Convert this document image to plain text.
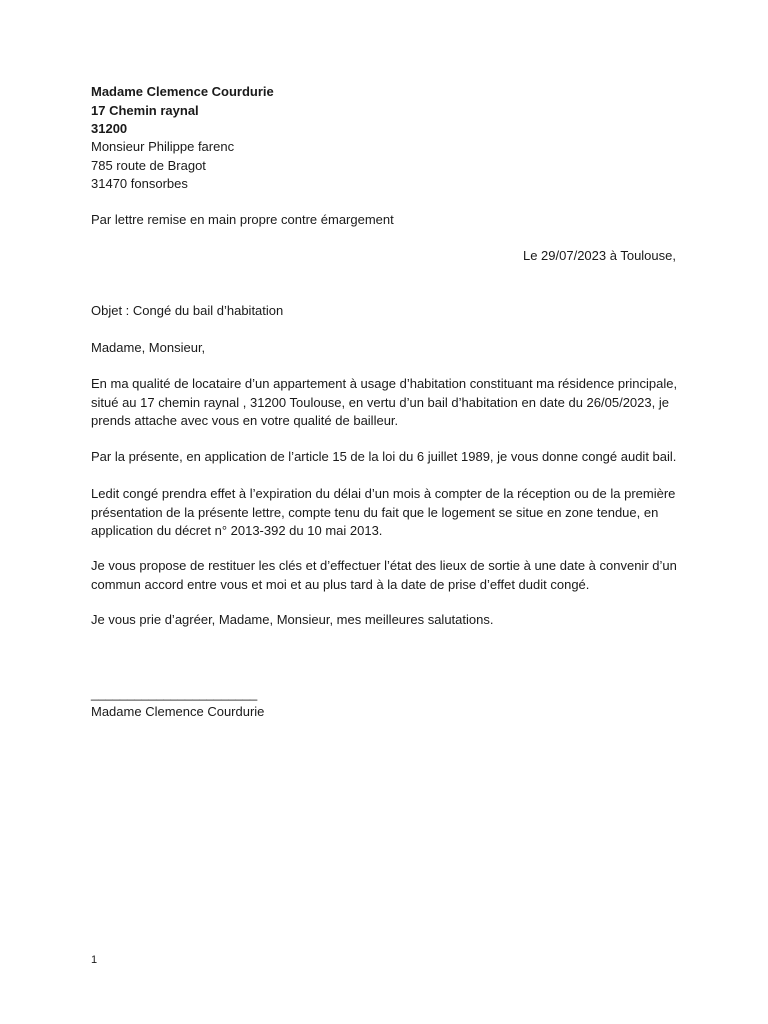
Madame Clemence Courdurie
17 Chemin raynal
31200
Monsieur Philippe farenc
785 route de Bragot
31470 fonsorbes
Par lettre remise en main propre contre émargement
Le 29/07/2023 à Toulouse,
Objet : Congé du bail d’habitation
Madame, Monsieur,
En ma qualité de locataire d’un appartement à usage d’habitation constituant ma résidence principale,
situé au 17 chemin raynal , 31200 Toulouse, en vertu d’un bail d’habitation en date du 26/05/2023, je
prends attache avec vous en votre qualité de bailleur.
Par la présente, en application de l’article 15 de la loi du 6 juillet 1989, je vous donne congé audit bail.
Ledit congé prendra effet à l’expiration du délai d’un mois à compter de la réception ou de la première
présentation de la présente lettre, compte tenu du fait que le logement se situe en zone tendue, en
application du décret n° 2013-392 du 10 mai 2013.
Je vous propose de restituer les clés et d’effectuer l’état des lieux de sortie à une date à convenir d’un
commun accord entre vous et moi et au plus tard à la date de prise d’effet dudit congé.
Je vous prie d’agréer, Madame, Monsieur, mes meilleures salutations.
_______________________
Madame Clemence Courdurie
1
